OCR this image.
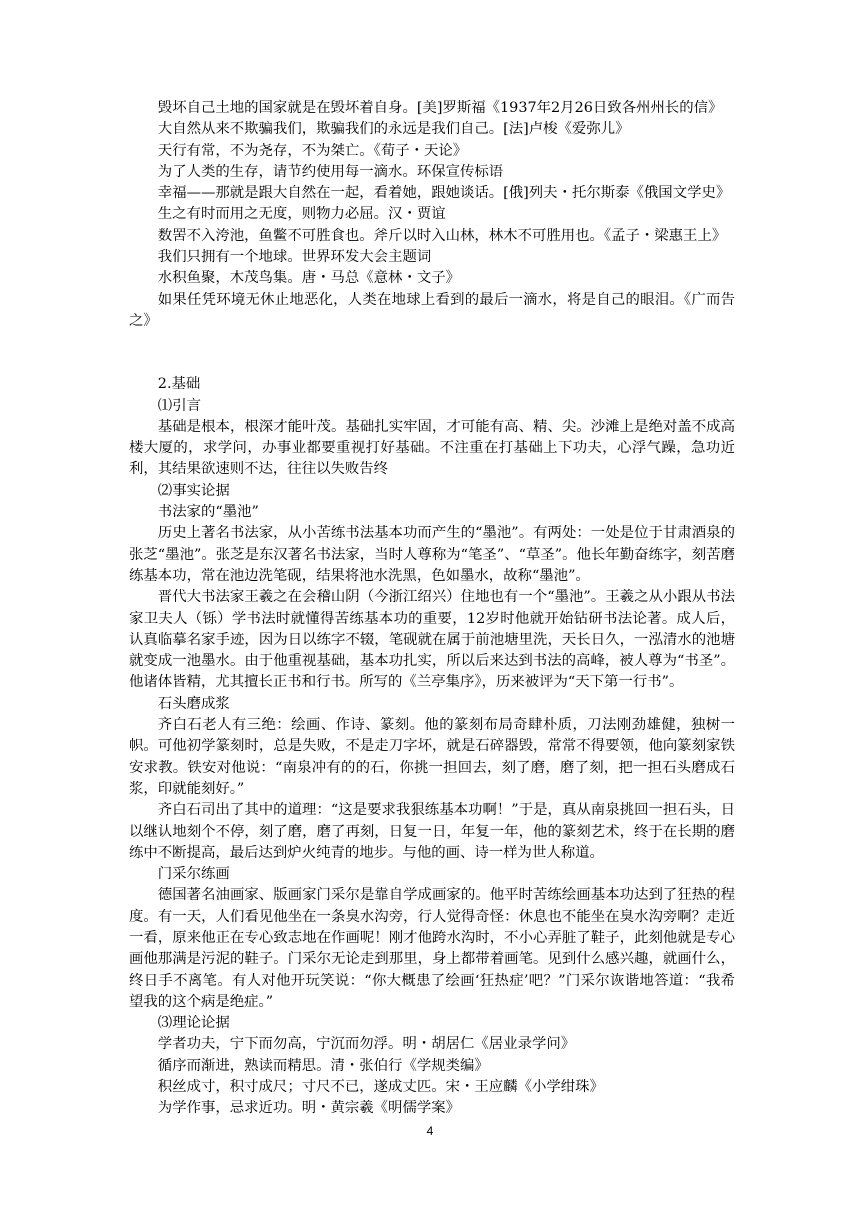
毁坏自己土地的国家就是在毁坏着自身。[美]罗斯福《1937年2月26日致各州州长的信》

大自然从来不欺骗我们，欺骗我们的永远是我们自己。[法]卢梭《爱弥儿》

天行有常，不为尧存，不为桀亡。《荀子・天论》

为了人类的生存，请节约使用每一滴水。环保宣传标语

幸福——那就是跟大自然在一起，看着她，跟她谈话。[俄]列夫・托尔斯泰《俄国文学史》

生之有时而用之无度，则物力必屈。汉・贾谊

数罟不入洿池，鱼鳖不可胜食也。斧斤以时入山林，林木不可胜用也。《孟子・梁惠王上》

我们只拥有一个地球。世界环发大会主题词

水积鱼聚，木茂鸟集。唐・马总《意林・文子》

如果任凭环境无休止地恶化，人类在地球上看到的最后一滴水，将是自己的眼泪。《广而告之》

2.基础

⑴引言

基础是根本，根深才能叶茂。基础扎实牢固，才可能有高、精、尖。沙滩上是绝对盖不成高楼大厦的，求学问，办事业都要重视打好基础。不注重在打基础上下功夫，心浮气躁，急功近利，其结果欲速则不达，往往以失败告终

⑵事实论据

书法家的“墨池”

历史上著名书法家，从小苦练书法基本功而产生的“墨池”。有两处：一处是位于甘肃酒泉的张芝“墨池”。张芝是东汉著名书法家，当时人尊称为“笔圣”、“草圣”。他长年勤奋练字，刻苦磨练基本功，常在池边洗笔砚，结果将池水洗黑，色如墨水，故称“墨池”。

晋代大书法家王羲之在会稽山阴（今浙江绍兴）住地也有一个“墨池”。王羲之从小跟从书法家卫夫人（铄）学书法时就懂得苦练基本功的重要，12岁时他就开始钻研书法论著。成人后，认真临摹名家手迹，因为日以练字不辍，笔砚就在属于前池塘里洗，天长日久，一泓清水的池塘就变成一池墨水。由于他重视基础，基本功扎实，所以后来达到书法的高峰，被人尊为“书圣”。他诸体皆精，尤其擅长正书和行书。所写的《兰亭集序》，历来被评为“天下第一行书”。

石头磨成浆

齐白石老人有三绝：绘画、作诗、篆刻。他的篆刻布局奇肆朴质，刀法刚劲雄健，独树一帜。可他初学篆刻时，总是失败，不是走刀字坏，就是石碎器毁，常常不得要领，他向篆刻家铁安求教。铁安对他说：“南泉冲有的的石，你挑一担回去，刻了磨，磨了刻，把一担石头磨成石浆，印就能刻好。”

齐白石司出了其中的道理：“这是要求我狠练基本功啊！”于是，真从南泉挑回一担石头，日以继认地刻个不停，刻了磨，磨了再刻，日复一日，年复一年，他的篆刻艺术，终于在长期的磨练中不断提高，最后达到炉火纯青的地步。与他的画、诗一样为世人称道。

门采尔练画

德国著名油画家、版画家门采尔是靠自学成画家的。他平时苦练绘画基本功达到了狂热的程度。有一天，人们看见他坐在一条臭水沟旁，行人觉得奇怪：休息也不能坐在臭水沟旁啊？走近一看，原来他正在专心致志地在作画呢！刚才他跨水沟时，不小心弄脏了鞋子，此刻他就是专心画他那满是污泥的鞋子。门采尔无论走到那里，身上都带着画笔。见到什么感兴趣，就画什么，终日手不离笔。有人对他开玩笑说：“你大概患了绘画‘狂热症’吧？”门采尔诙谐地答道：“我希望我的这个病是绝症。”

⑶理论论据

学者功夫，宁下而勿高，宁沉而勿浮。明・胡居仁《居业录学问》

循序而渐进，熟读而精思。清・张伯行《学规类编》

积丝成寸，积寸成尺；寸尺不已，遂成丈匹。宋・王应麟《小学绀珠》

为学作事，忌求近功。明・黄宗羲《明儒学案》

4
